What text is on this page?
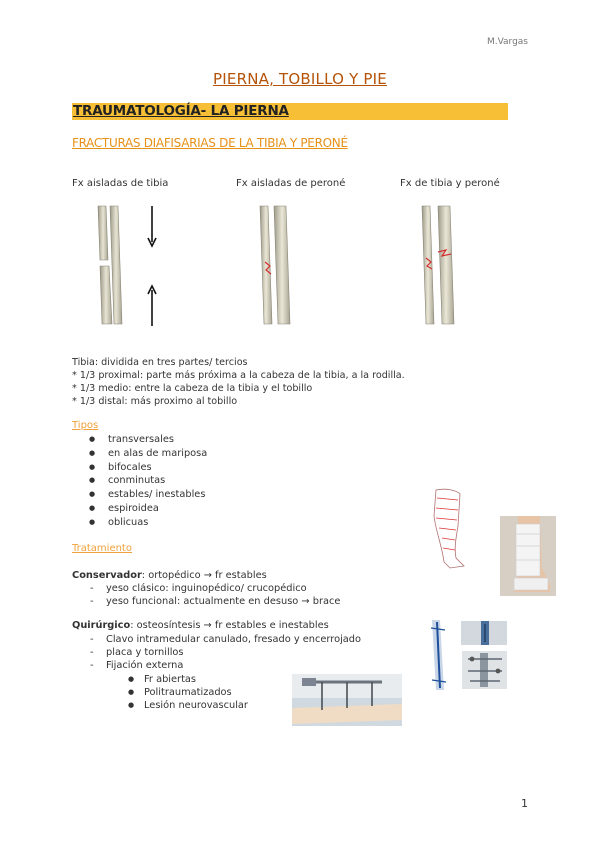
M.Vargas
PIERNA, TOBILLO Y PIE
TRAUMATOLOGÍA- LA PIERNA
FRACTURAS DIAFISARIAS DE LA TIBIA Y PERONÉ
Fx aisladas de tibia	Fx aisladas de peroné	Fx de tibia y peroné
Tibia: dividida en tres partes/ tercios
* 1/3 proximal: parte más próxima a la cabeza de la tibia, a la rodilla.
* 1/3 medio: entre la cabeza de la tibia y el tobillo
* 1/3 distal: más proximo al tobillo
Tipos
● transversales
● en alas de mariposa
● bifocales
● conminutas
● estables/ inestables
● espiroidea
● oblicuas
Tratamiento
Conservador: ortopédico → fr estables
- yeso clásico: inguinopédico/ crucopédico
- yeso funcional: actualmente en desuso → brace
Quirúrgico: osteosíntesis → fr estables e inestables
- Clavo intramedular canulado, fresado y encerrojado
- placa y tornillos
- Fijación externa
● Fr abiertas
● Politraumatizados
● Lesión neurovascular
1
